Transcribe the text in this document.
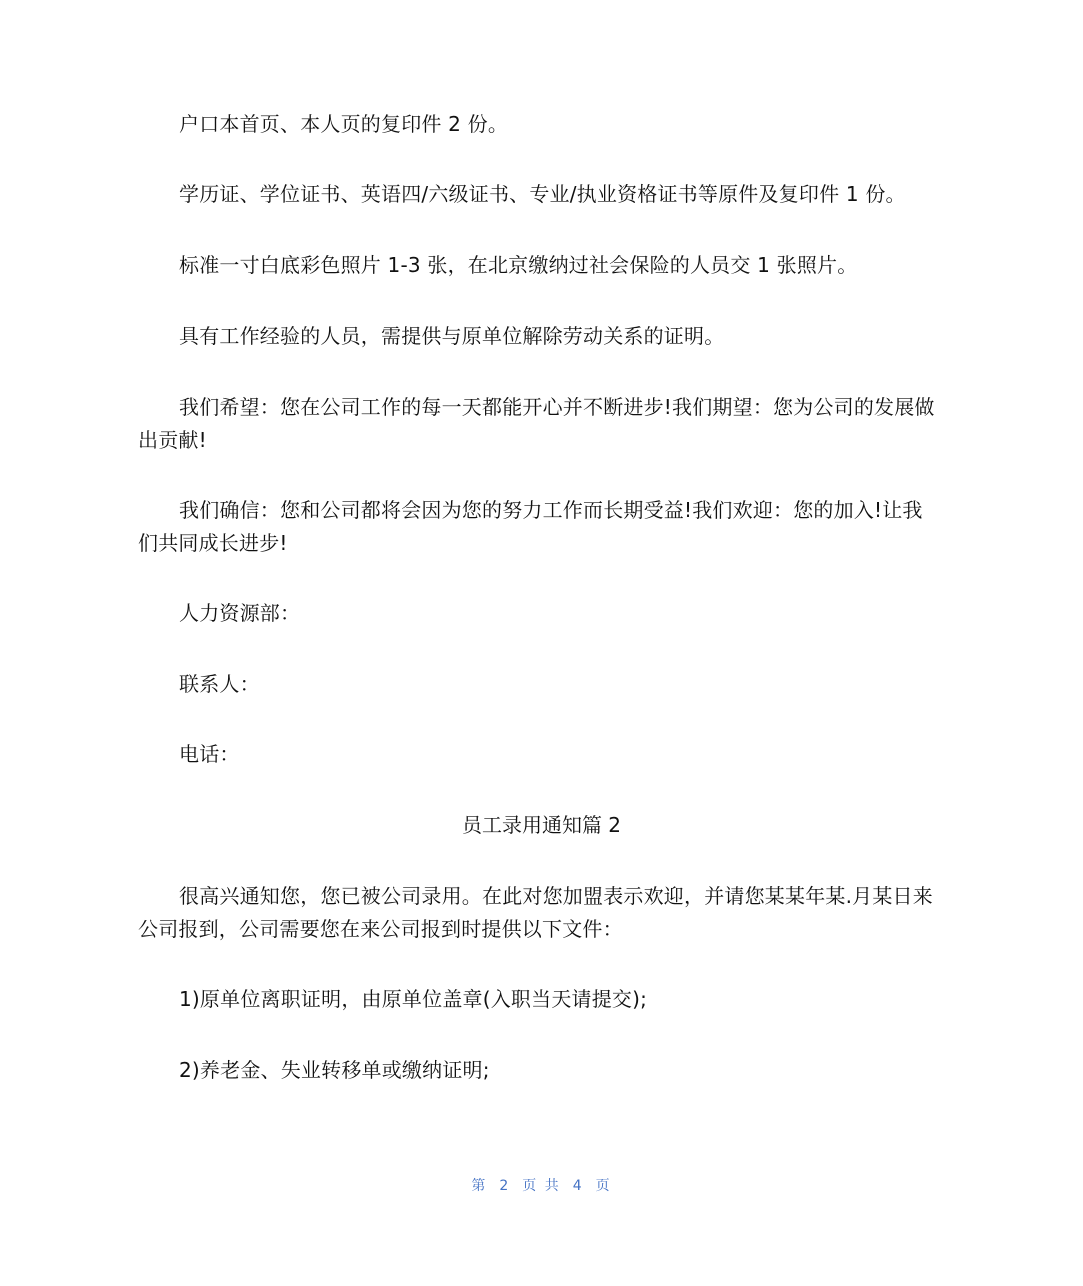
户口本首页、本人页的复印件 2 份。

学历证、学位证书、英语四/六级证书、专业/执业资格证书等原件及复印件 1 份。

标准一寸白底彩色照片 1-3 张，在北京缴纳过社会保险的人员交 1 张照片。

具有工作经验的人员，需提供与原单位解除劳动关系的证明。

我们希望：您在公司工作的每一天都能开心并不断进步!我们期望：您为公司的发展做出贡献!

我们确信：您和公司都将会因为您的努力工作而长期受益!我们欢迎：您的加入!让我们共同成长进步!

人力资源部：

联系人：

电话：

员工录用通知篇 2

很高兴通知您，您已被公司录用。在此对您加盟表示欢迎，并请您某某年某.月某日来公司报到，公司需要您在来公司报到时提供以下文件：

1)原单位离职证明，由原单位盖章(入职当天请提交);

2)养老金、失业转移单或缴纳证明;

第 2 页 共 4 页
